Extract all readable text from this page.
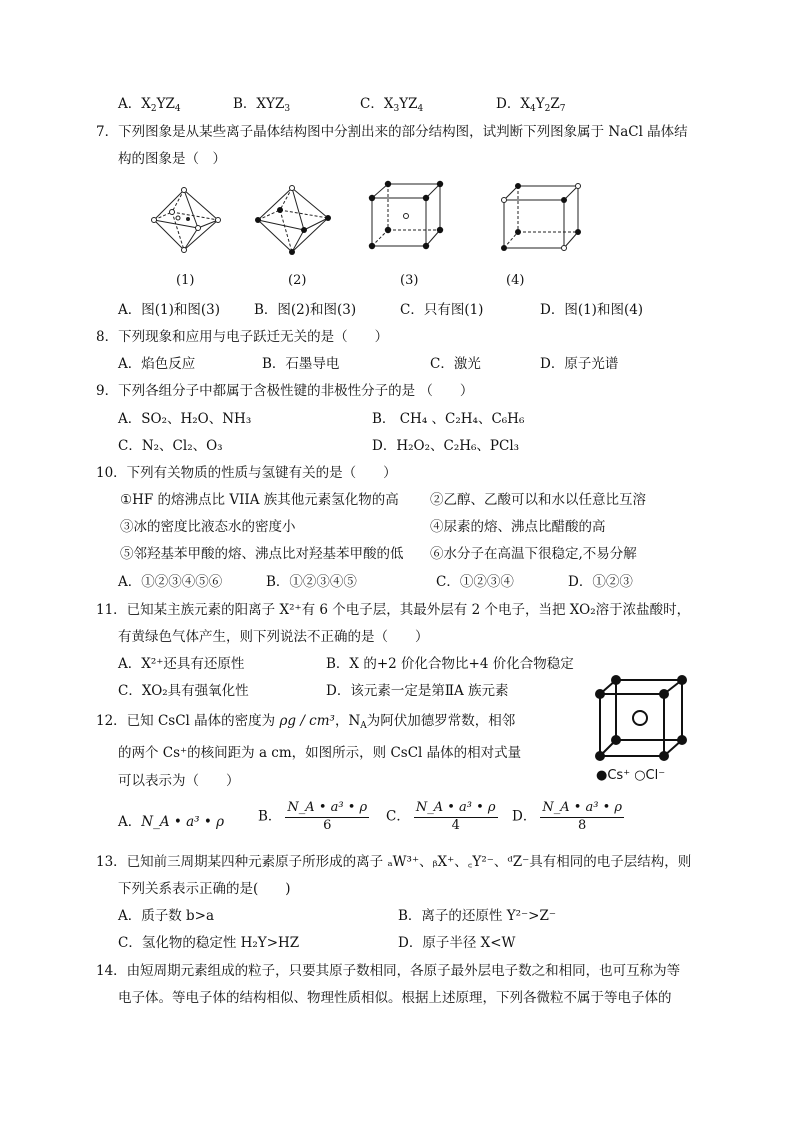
A．$X_2YZ_4$	B．$XYZ_3$	C．$X_3YZ_4$	D．$X_4Y_2Z_7$
7．下列图象是从某些离子晶体结构图中分割出来的部分结构图，试判断下列图象属于 NaCl 晶体结
构的图象是（　）
(1)	(2)	(3)	(4)
A．图(1)和图(3)	B．图(2)和图(3)	C．只有图(1)	D．图(1)和图(4)
8．下列现象和应用与电子跃迁无关的是（　　）
A．焰色反应	B．石墨导电	C．激光	D．原子光谱
9．下列各组分子中都属于含极性键的非极性分子的是 （　　）
A．SO₂、H₂O、NH₃	B． CH₄ 、C₂H₄、C₆H₆
C．N₂、Cl₂、O₃	D．H₂O₂、C₂H₆、PCl₃
10．下列有关物质的性质与氢键有关的是（　　）
①HF 的熔沸点比 VIIA 族其他元素氢化物的高 ②乙醇、乙酸可以和水以任意比互溶
③冰的密度比液态水的密度小	④尿素的熔、沸点比醋酸的高
⑤邻羟基苯甲酸的熔、沸点比对羟基苯甲酸的低 ⑥水分子在高温下很稳定,不易分解
A．①②③④⑤⑥	B．①②③④⑤	C．①②③④	D．①②③
11．已知某主族元素的阳离子 X²⁺有 6 个电子层，其最外层有 2 个电子，当把 XO₂溶于浓盐酸时，
有黄绿色气体产生，则下列说法不正确的是（　　）
A．X²⁺还具有还原性	B．X 的+2 价化合物比+4 价化合物稳定
C．XO₂具有强氧化性	D．该元素一定是第ⅡA 族元素
12．已知 CsCl 晶体的密度为 ρg / cm³，$N_A$为阿伏加德罗常数，相邻
的两个 Cs⁺的核间距为 a cm，如图所示，则 CsCl 晶体的相对式量
可以表示为（　　）	●Cs⁺ ○Cl⁻
A．N_A • a³ • ρ	B． $\frac{\text{N\_A • a³ • ρ}}{6}$ C． $\frac{\text{N\_A • a³ • ρ}}{4}$ D． $\frac{\text{N\_A • a³ • ρ}}{8}$
13．已知前三周期某四种元素原子所形成的离子 ₐW³⁺、ᵦX⁺、꜀Y²⁻、ᵈZ⁻具有相同的电子层结构，则
下列关系表示正确的是(　　)
A．质子数 b>a	B．离子的还原性 Y²⁻>Z⁻
C．氢化物的稳定性 H₂Y>HZ	D．原子半径 X<W
14．由短周期元素组成的粒子，只要其原子数相同，各原子最外层电子数之和相同，也可互称为等
电子体。等电子体的结构相似、物理性质相似。根据上述原理，下列各微粒不属于等电子体的
